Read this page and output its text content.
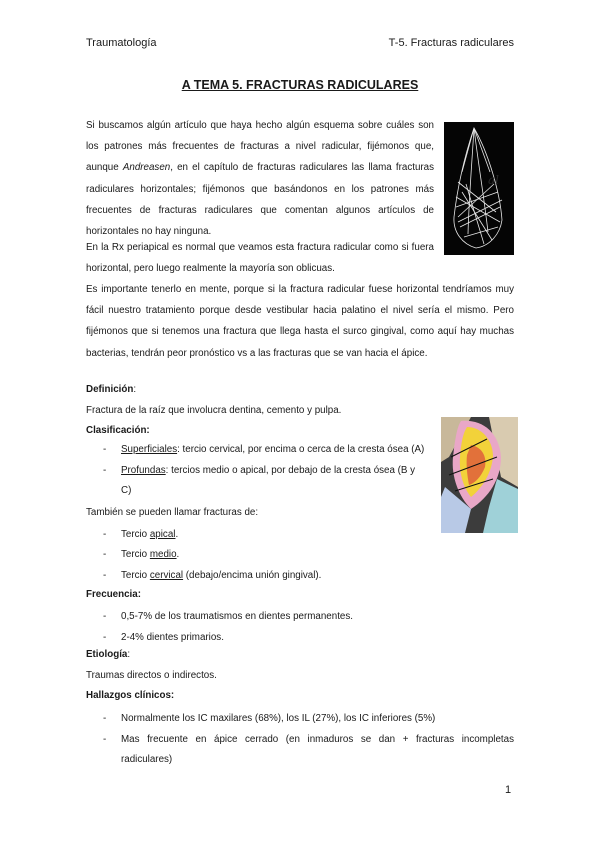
Traumatología	T-5. Fracturas radiculares
A TEMA 5. FRACTURAS RADICULARES
Si buscamos algún artículo que haya hecho algún esquema sobre cuáles son los patrones más frecuentes de fracturas a nivel radicular, fijémonos que, aunque Andreasen, en el capítulo de fracturas radiculares las llama fracturas radiculares horizontales; fijémonos que basándonos en los patrones más frecuentes de fracturas radiculares que comentan algunos artículos de horizontales no hay ninguna.
En la Rx periapical es normal que veamos esta fractura radicular como si fuera horizontal, pero luego realmente la mayoría son oblicuas.
Es importante tenerlo en mente, porque si la fractura radicular fuese horizontal tendríamos muy fácil nuestro tratamiento porque desde vestibular hacia palatino el nivel sería el mismo. Pero fijémonos que si tenemos una fractura que llega hasta el surco gingival, como aquí hay muchas bacterias, tendrán peor pronóstico vs a las fracturas que se van hacia el ápice.
al
Definición:
Fractura de la raíz que involucra dentina, cemento y pulpa.
Clasificación:
- Superficiales: tercio cervical, por encima o cerca de la cresta ósea (A)
- Profundas: tercios medio o apical, por debajo de la cresta ósea (B y
C)
También se pueden llamar fracturas de:
- Tercio apical.
- Tercio medio.
- Tercio cervical (debajo/encima unión gingival).
Frecuencia:
- 0,5-7% de los traumatismos en dientes permanentes.
- 2-4% dientes primarios.
Etiología:
Traumas directos o indirectos.
Hallazgos clínicos:
- Normalmente los IC maxilares (68%), los IL (27%), los IC inferiores (5%)
- Mas frecuente en ápice cerrado (en inmaduros se dan + fracturas incompletas
radiculares)
1
